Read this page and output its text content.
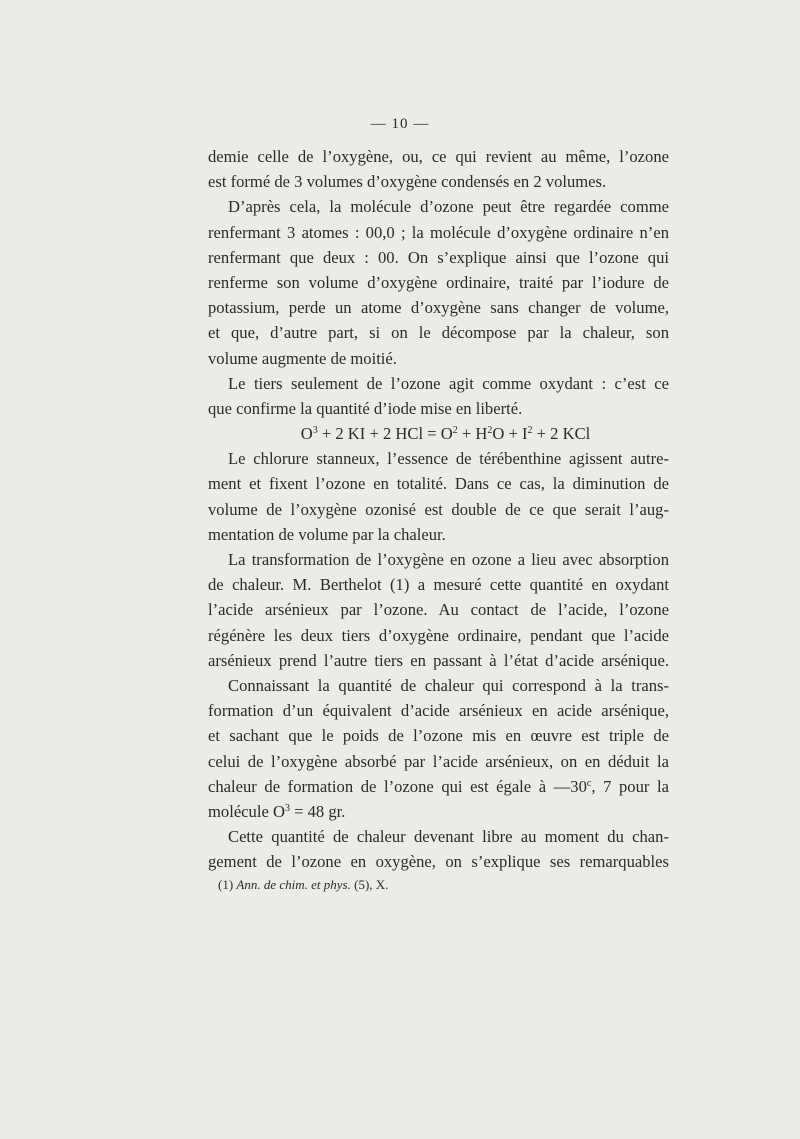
— 10 —
demie celle de l’oxygène, ou, ce qui revient au même, l’ozone
est formé de 3 volumes d’oxygène condensés en 2 volumes.
D’après cela, la molécule d’ozone peut être regardée comme
renfermant 3 atomes : 00,0 ; la molécule d’oxygène ordinaire n’en
renfermant que deux : 00. On s’explique ainsi que l’ozone qui
renferme son volume d’oxygène ordinaire, traité par l’iodure de
potassium, perde un atome d’oxygène sans changer de volume,
et que, d’autre part, si on le décompose par la chaleur, son
volume augmente de moitié.
Le tiers seulement de l’ozone agit comme oxydant : c’est ce
que confirme la quantité d’iode mise en liberté.
$O^3 + 2$ KI + 2 HCl = $O^2 + H^2O + I^2 + 2$ KCl
Le chlorure stanneux, l’essence de térébenthine agissent autre-
ment et fixent l’ozone en totalité. Dans ce cas, la diminution de
volume de l’oxygène ozonisé est double de ce que serait l’aug-
mentation de volume par la chaleur.
La transformation de l’oxygène en ozone a lieu avec absorption
de chaleur. M. Berthelot (1) a mesuré cette quantité en oxydant
l’acide arsénieux par l’ozone. Au contact de l’acide, l’ozone
régénère les deux tiers d’oxygène ordinaire, pendant que l’acide
arsénieux prend l’autre tiers en passant à l’état d’acide arsénique.
Connaissant la quantité de chaleur qui correspond à la trans-
formation d’un équivalent d’acide arsénieux en acide arsénique,
et sachant que le poids de l’ozone mis en œuvre est triple de
celui de l’oxygène absorbé par l’acide arsénieux, on en déduit la
chaleur de formation de l’ozone qui est égale à —30$^c$, 7 pour la
molécule $O^3 = 48$ gr.
Cette quantité de chaleur devenant libre au moment du chan-
gement de l’ozone en oxygène, on s’explique ses remarquables
(1) Ann. de chim. et phys. (5), X.
